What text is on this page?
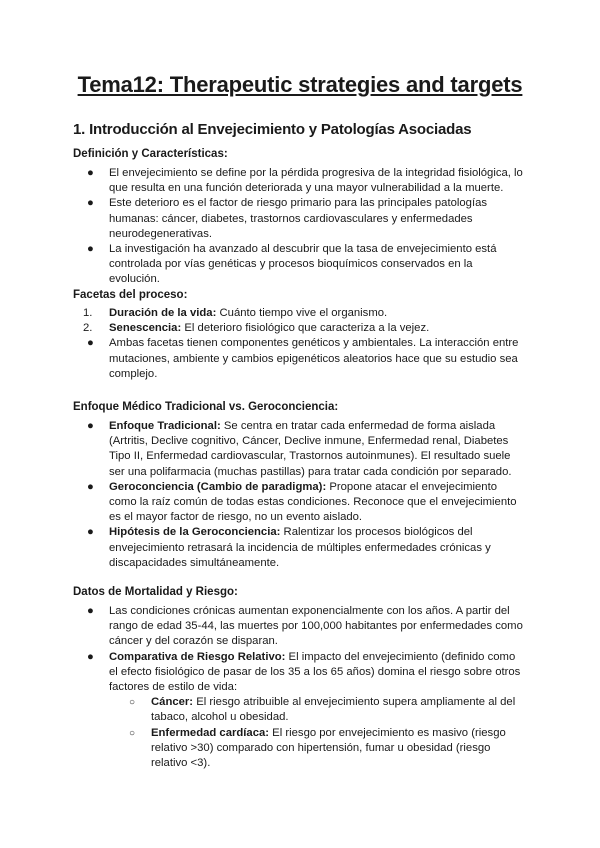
Tema12: Therapeutic strategies and targets
1. Introducción al Envejecimiento y Patologías Asociadas
Definición y Características:
● El envejecimiento se define por la pérdida progresiva de la integridad fisiológica, lo que resulta en una función deteriorada y una mayor vulnerabilidad a la muerte.
● Este deterioro es el factor de riesgo primario para las principales patologías humanas: cáncer, diabetes, trastornos cardiovasculares y enfermedades neurodegenerativas.
● La investigación ha avanzado al descubrir que la tasa de envejecimiento está controlada por vías genéticas y procesos bioquímicos conservados en la evolución.
Facetas del proceso:
1. Duración de la vida: Cuánto tiempo vive el organismo.
2. Senescencia: El deterioro fisiológico que caracteriza a la vejez.
● Ambas facetas tienen componentes genéticos y ambientales. La interacción entre mutaciones, ambiente y cambios epigenéticos aleatorios hace que su estudio sea complejo.
Enfoque Médico Tradicional vs. Geroconciencia:
● Enfoque Tradicional: Se centra en tratar cada enfermedad de forma aislada (Artritis, Declive cognitivo, Cáncer, Declive inmune, Enfermedad renal, Diabetes Tipo II, Enfermedad cardiovascular, Trastornos autoinmunes). El resultado suele ser una polifarmacia (muchas pastillas) para tratar cada condición por separado.
● Geroconciencia (Cambio de paradigma): Propone atacar el envejecimiento como la raíz común de todas estas condiciones. Reconoce que el envejecimiento es el mayor factor de riesgo, no un evento aislado.
● Hipótesis de la Geroconciencia: Ralentizar los procesos biológicos del envejecimiento retrasará la incidencia de múltiples enfermedades crónicas y discapacidades simultáneamente.
Datos de Mortalidad y Riesgo:
● Las condiciones crónicas aumentan exponencialmente con los años. A partir del rango de edad 35-44, las muertes por 100,000 habitantes por enfermedades como cáncer y del corazón se disparan.
● Comparativa de Riesgo Relativo: El impacto del envejecimiento (definido como el efecto fisiológico de pasar de los 35 a los 65 años) domina el riesgo sobre otros factores de estilo de vida:
○ Cáncer: El riesgo atribuible al envejecimiento supera ampliamente al del tabaco, alcohol u obesidad.
○ Enfermedad cardíaca: El riesgo por envejecimiento es masivo (riesgo relativo >30) comparado con hipertensión, fumar u obesidad (riesgo relativo <3).
